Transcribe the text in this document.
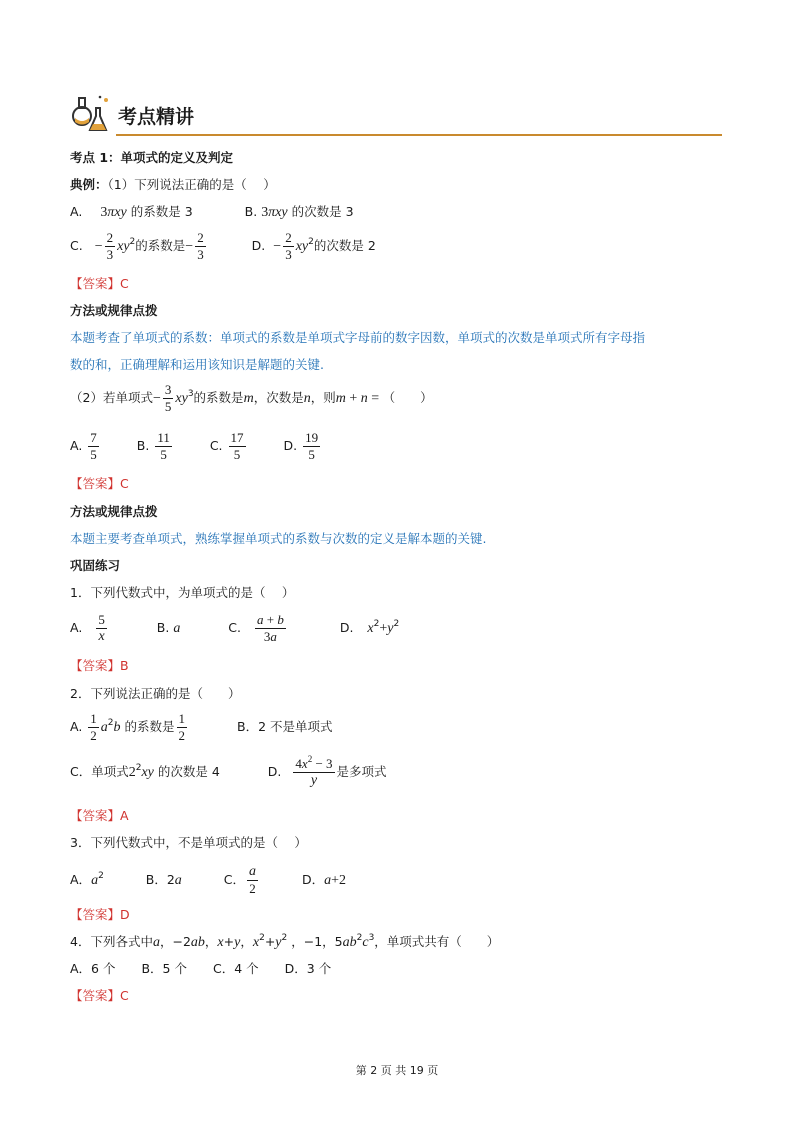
考点精讲
考点 1：单项式的定义及判定
典例：（1）下列说法正确的是（　 ）
A. 3πxy 的系数是 3	B. 3πxy 的次数是 3
C. − $\frac{2}{3} xy^2$的系数是− $\frac{2}{3}$	D. − $\frac{2}{3} xy^2$的次数是 2
【答案】C
方法或规律点拨
本题考查了单项式的系数：单项式的系数是单项式字母前的数字因数，单项式的次数是单项式所有字母指
数的和，正确理解和运用该知识是解题的关键.
（2）若单项式− $\frac{3}{5} xy^3$的系数是m，次数是n，则m + n = （　　）
A. $\frac{7}{5}$	B. $\frac{11}{5}$	C. $\frac{17}{5}$	D. $\frac{19}{5}$
【答案】C
方法或规律点拨
本题主要考查单项式，熟练掌握单项式的系数与次数的定义是解本题的关键.
巩固练习
1．下列代数式中，为单项式的是（　 ）
A. $\frac{5}{x}$	B. a	C. $\frac{a + b}{3a}$	D. $x^2+y^2$
【答案】B
2．下列说法正确的是（　　）
A. $\frac{1}{2} a^2b$ 的系数是 $\frac{1}{2}$	B．2 不是单项式
C．单项式$2^2xy$ 的次数是 4	D. $\frac{4x^2 - 3}{y}$ 是多项式
【答案】A
3．下列代数式中，不是单项式的是（　 ）
A．$a^2$	B．2a	C． $\frac{a}{2}$	D．a+2
【答案】D
4．下列各式中a，−2ab，x+y，$x^2+y^2$ ，−1，$5ab^2c^3$，单项式共有（　　）
A．6 个 B．5 个 C．4 个 D．3 个
【答案】C
第 2 页 共 19 页
